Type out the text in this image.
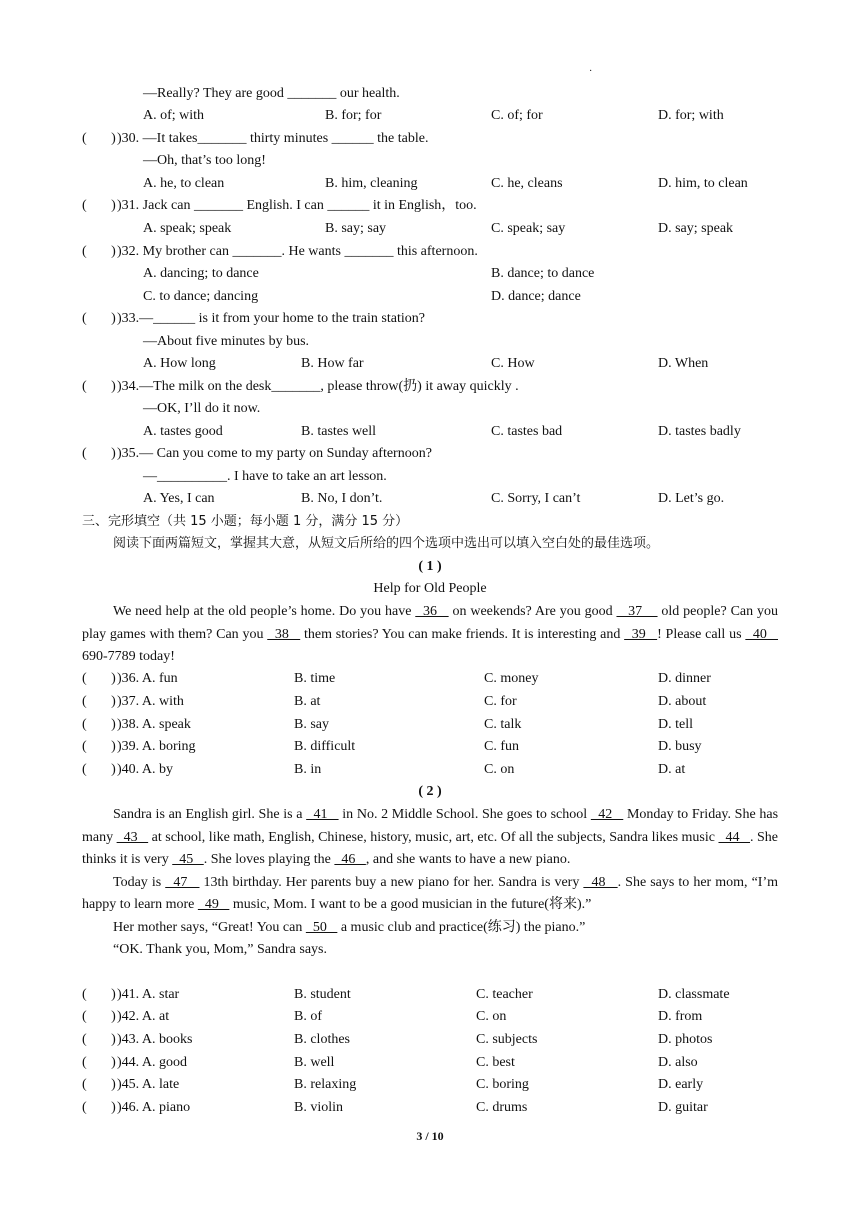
·
—Really? They are good _______ our health.
A. of; with	B. for; for	C. of; for	D. for; with
(       )
)30. —It takes_______ thirty minutes ______ the table.
—Oh, that’s too long!
A. he, to clean	B. him, cleaning	C. he, cleans	D. him, to clean
(       )
)31. Jack can _______ English. I can ______ it in English，too.
A. speak; speak	B. say; say	C. speak; say	D. say; speak
(       )
)32. My brother can _______. He wants _______ this afternoon.
A. dancing; to dance	B. dance; to dance
C. to dance; dancing	D. dance; dance
(       )
)33.—______ is it from your home to the train station?
—About five minutes by bus.
A. How long	B. How far	C. How	D. When
(       )
)34.—The milk on the desk_______, please throw(扔) it away quickly .
—OK, I’ll do it now.
A. tastes good	B. tastes well	C. tastes bad	D. tastes badly
(       )
)35.— Can you come to my party on Sunday afternoon?
—__________. I have to take an art lesson.
A. Yes, I can	B. No, I don’t.	C. Sorry, I can’t	D. Let’s go.
三、完形填空（共 15 小题；每小题 1 分，满分 15 分）
阅读下面两篇短文，掌握其大意，从短文后所给的四个选项中选出可以填入空白处的最佳选项。
( 1 )
Help for Old People
We need help at the old people’s home. Do you have   36    on weekends? Are you good    37     old people? Can you play games with them? Can you   38    them stories? You can make friends. It is interesting and   39   ! Please call us   40    690-7789 today!
(       )
)36. A. fun	B. time	C. money	D. dinner
(       )
)37. A. with	B. at	C. for	D. about
(       )
)38. A. speak	B. say	C. talk	D. tell
(       )
)39. A. boring	B. difficult	C. fun	D. busy
(       )
)40. A. by	B. in	C. on	D. at
( 2 )
Sandra is an English girl. She is a   41    in No. 2 Middle School. She goes to school   42    Monday to Friday. She has many   43    at school, like math, English, Chinese, history, music, art, etc. Of all the subjects, Sandra likes music   44   . She thinks it is very   45   . She loves playing the   46   , and she wants to have a new piano.
Today is   47    13th birthday. Her parents buy a new piano for her. Sandra is very   48   . She says to her mom, “I’m happy to learn more   49    music, Mom. I want to be a good musician in the future(将来).”
Her mother says, “Great! You can   50    a music club and practice(练习) the piano.”
“OK. Thank you, Mom,” Sandra says.
(       )
)41. A. star	B. student	C. teacher	D. classmate
(       )
)42. A. at	B. of	C. on	D. from
(       )
)43. A. books	B. clothes	C. subjects	D. photos
(       )
)44. A. good	B. well	C. best	D. also
(       )
)45. A. late	B. relaxing	C. boring	D. early
(       )
)46. A. piano	B. violin	C. drums	D. guitar
3 / 10
